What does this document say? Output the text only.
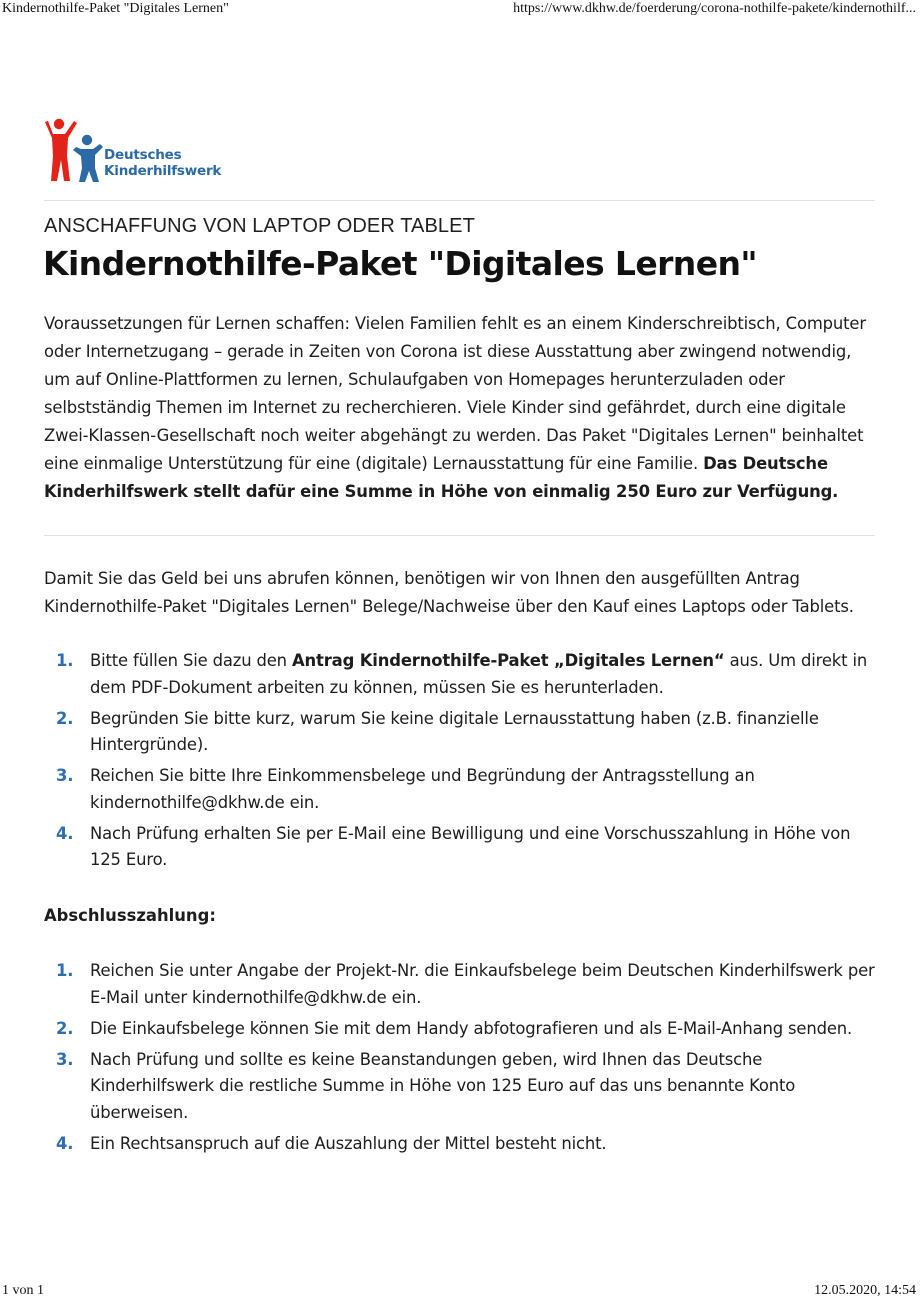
Kindernothilfe-Paket "Digitales Lernen"	https://www.dkhw.de/foerderung/corona-nothilfe-pakete/kindernothilf...
Deutsches
Kinderhilfswerk
ANSCHAFFUNG VON LAPTOP ODER TABLET
Kindernothilfe-Paket "Digitales Lernen"

Voraussetzungen für Lernen schaffen: Vielen Familien fehlt es an einem Kinderschreibtisch, Computer oder Internetzugang – gerade in Zeiten von Corona ist diese Ausstattung aber zwingend notwendig, um auf Online-Plattformen zu lernen, Schulaufgaben von Homepages herunterzuladen oder selbstständig Themen im Internet zu recherchieren. Viele Kinder sind gefährdet, durch eine digitale Zwei-Klassen-Gesellschaft noch weiter abgehängt zu werden. Das Paket "Digitales Lernen" beinhaltet eine einmalige Unterstützung für eine (digitale) Lernausstattung für eine Familie. Das Deutsche Kinderhilfswerk stellt dafür eine Summe in Höhe von einmalig 250 Euro zur Verfügung.

Damit Sie das Geld bei uns abrufen können, benötigen wir von Ihnen den ausgefüllten Antrag Kindernothilfe-Paket "Digitales Lernen" Belege/Nachweise über den Kauf eines Laptops oder Tablets.

1. Bitte füllen Sie dazu den Antrag Kindernothilfe-Paket „Digitales Lernen“ aus. Um direkt in dem PDF-Dokument arbeiten zu können, müssen Sie es herunterladen.
2. Begründen Sie bitte kurz, warum Sie keine digitale Lernausstattung haben (z.B. finanzielle Hintergründe).
3. Reichen Sie bitte Ihre Einkommensbelege und Begründung der Antragsstellung an kindernothilfe@dkhw.de ein.
4. Nach Prüfung erhalten Sie per E-Mail eine Bewilligung und eine Vorschusszahlung in Höhe von 125 Euro.
Abschlusszahlung:
1. Reichen Sie unter Angabe der Projekt-Nr. die Einkaufsbelege beim Deutschen Kinderhilfswerk per E-Mail unter kindernothilfe@dkhw.de ein.
2. Die Einkaufsbelege können Sie mit dem Handy abfotografieren und als E-Mail-Anhang senden.
3. Nach Prüfung und sollte es keine Beanstandungen geben, wird Ihnen das Deutsche Kinderhilfswerk die restliche Summe in Höhe von 125 Euro auf das uns benannte Konto überweisen.
4. Ein Rechtsanspruch auf die Auszahlung der Mittel besteht nicht.
1 von 1	12.05.2020, 14:54
